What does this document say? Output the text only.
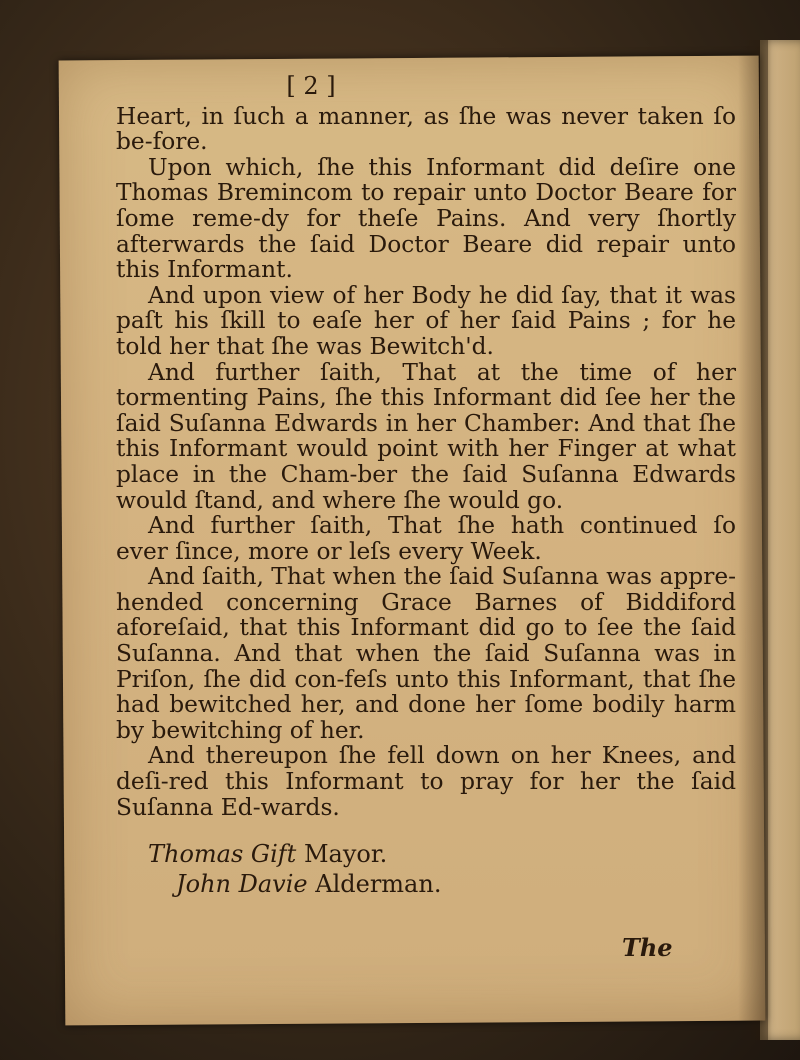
[ 2 ]

Heart, in ſuch a manner, as ſhe was never taken ſo be-fore.

Upon which, ſhe this Informant did deſire one Thomas Bremincom to repair unto Doctor Beare for ſome reme-dy for theſe Pains. And very ſhortly afterwards the ſaid Doctor Beare did repair unto this Informant.

And upon view of her Body he did ſay, that it was paſt his ſkill to eaſe her of her ſaid Pains ; for he told her that ſhe was Bewitch'd.

And further ſaith, That at the time of her tormenting Pains, ſhe this Informant did ſee her the ſaid Suſanna Edwards in her Chamber: And that ſhe this Informant would point with her Finger at what place in the Cham-ber the ſaid Suſanna Edwards would ſtand, and where ſhe would go.

And further ſaith, That ſhe hath continued ſo ever ſince, more or leſs every Week.

And ſaith, That when the ſaid Suſanna was appre-hended concerning Grace Barnes of Biddiford aforeſaid, that this Informant did go to ſee the ſaid Suſanna. And that when the ſaid Suſanna was in Priſon, ſhe did con-feſs unto this Informant, that ſhe had bewitched her, and done her ſome bodily harm by bewitching of her.

And thereupon ſhe fell down on her Knees, and deſi-red this Informant to pray for her the ſaid Suſanna Ed-wards.

Thomas Gift Mayor.
John Davie Alderman.
The
